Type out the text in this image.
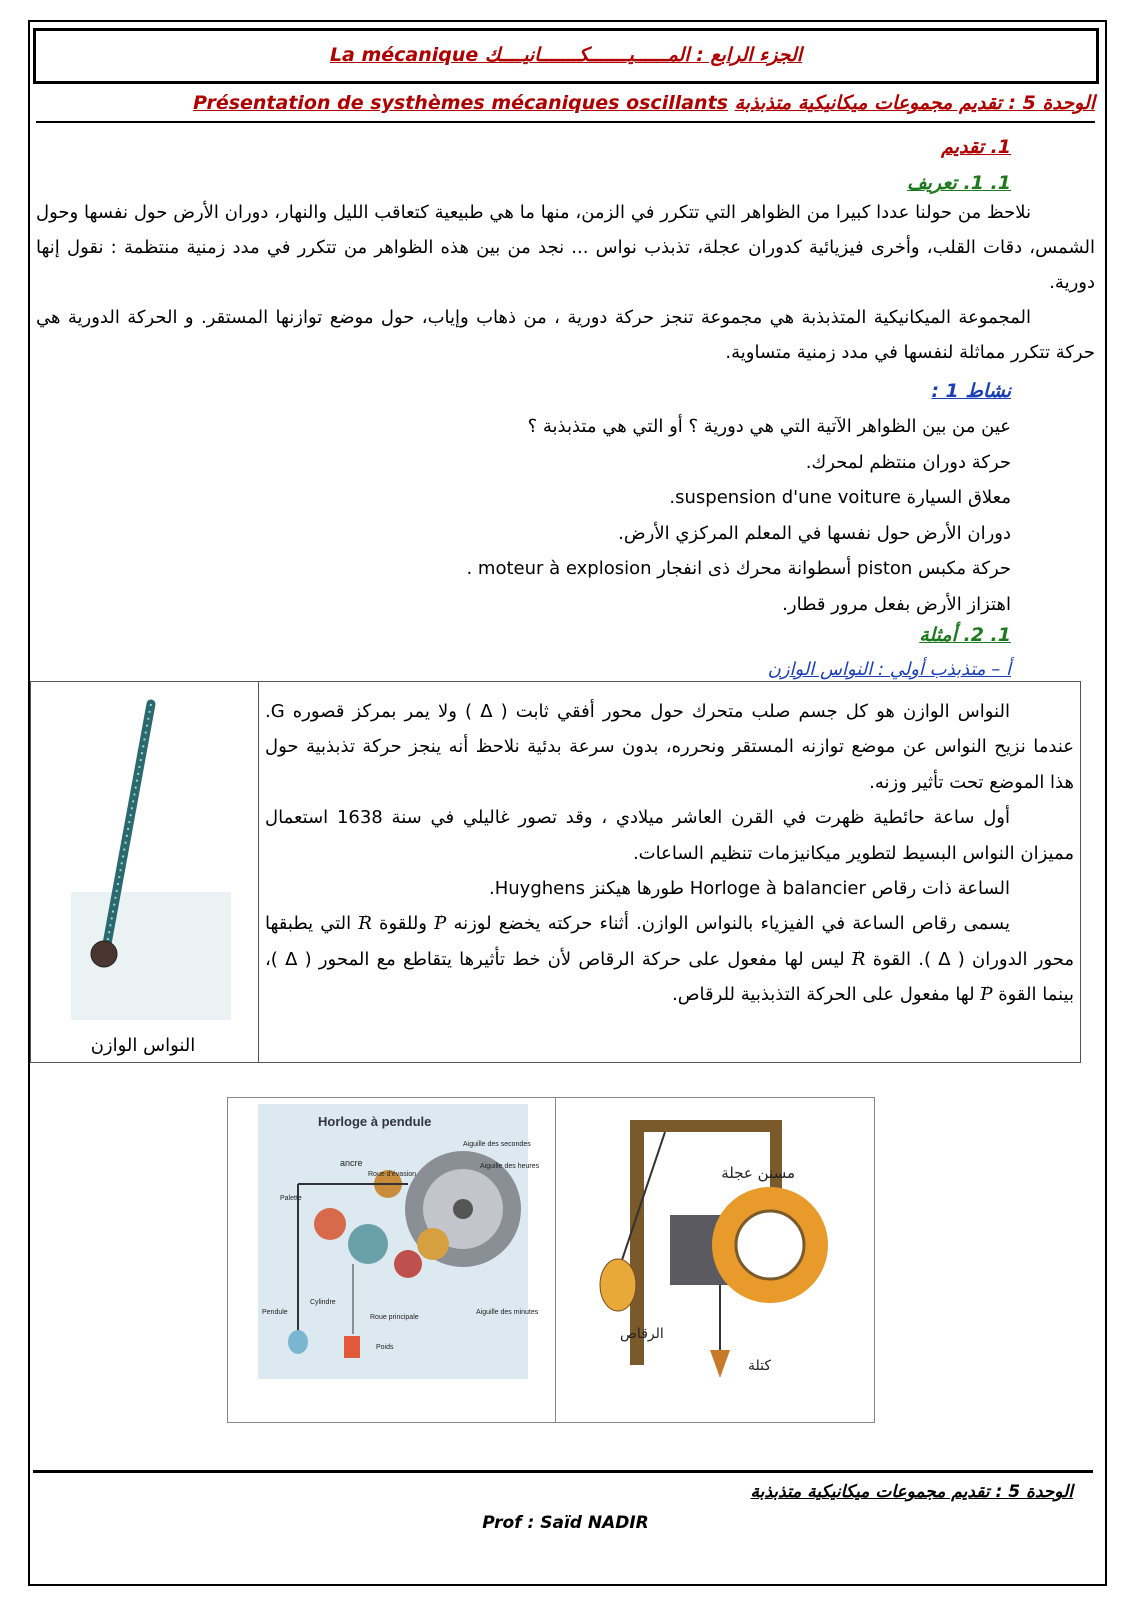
الجزء الرابع : المــــــيـــــــكـــــــانيــــك La mécanique
الوحدة 5 : تقديم مجموعات ميكانيكية متذبذبة Présentation de systhèmes mécaniques oscillants
1. تقديم
1. 1. تعريف

نلاحظ من حولنا عددا كبيرا من الظواهر التي تتكرر في الزمن، منها ما هي طبيعية كتعاقب الليل والنهار، دوران الأرض حول نفسها وحول الشمس، دقات القلب، وأخرى فيزيائية كدوران عجلة، تذبذب نواس ... نجد من بين هذه الظواهر من تتكرر في مدد زمنية منتظمة : نقول إنها دورية.

المجموعة الميكانيكية المتذبذبة هي مجموعة تنجز حركة دورية ، من ذهاب وإياب، حول موضع توازنها المستقر. و الحركة الدورية هي حركة تتكرر مماثلة لنفسها في مدد زمنية متساوية.

نشاط 1 :
عين من بين الظواهر الآتية التي هي دورية ؟ أو التي هي متذبذبة ؟
حركة دوران منتظم لمحرك.
معلاق السيارة suspension d'une voiture.
دوران الأرض حول نفسها في المعلم المركزي الأرض.
حركة مكبس piston أسطوانة محرك ذى انفجار moteur à explosion .
اهتزاز الأرض بفعل مرور قطار.
1. 2. أمثلة
أ – متذبذب أولي : النواس الوازن

النواس الوازن هو كل جسم صلب متحرك حول محور أفقي ثابت ( Δ ) ولا يمر بمركز قصوره G. عندما نزيح النواس عن موضع توازنه المستقر ونحرره، بدون سرعة بدئية نلاحظ أنه ينجز حركة تذبذبية حول هذا الموضع تحت تأثير وزنه.

أول ساعة حائطية ظهرت في القرن العاشر ميلادي ، وقد تصور غاليلي في سنة 1638 استعمال مميزان النواس البسيط لتطوير ميكانيزمات تنظيم الساعات.

الساعة ذات رقاص Horloge à balancier طورها هيكنز Huyghens.

يسمى رقاص الساعة في الفيزياء بالنواس الوازن. أثناء حركته يخضع لوزنه → P وللقوة → R التي يطبقها محور الدوران ( Δ ). القوة → R ليس لها مفعول على حركة الرقاص لأن خط تأثيرها يتقاطع مع المحور ( Δ )، بينما القوة → P لها مفعول على الحركة التذبذبية للرقاص.

النواس الوازن
Horloge à pendule
ancre
Roue d'évasion
Palette
Aiguille des secondes
Aiguille des heures
Cylindre
Pendule
Roue principale
Poids
Aiguille des minutes
مسنن عجلة
الرقاص
كتلة
الوحدة 5 : تقديم مجموعات ميكانيكية متذبذبة
Prof : Saïd NADIR
